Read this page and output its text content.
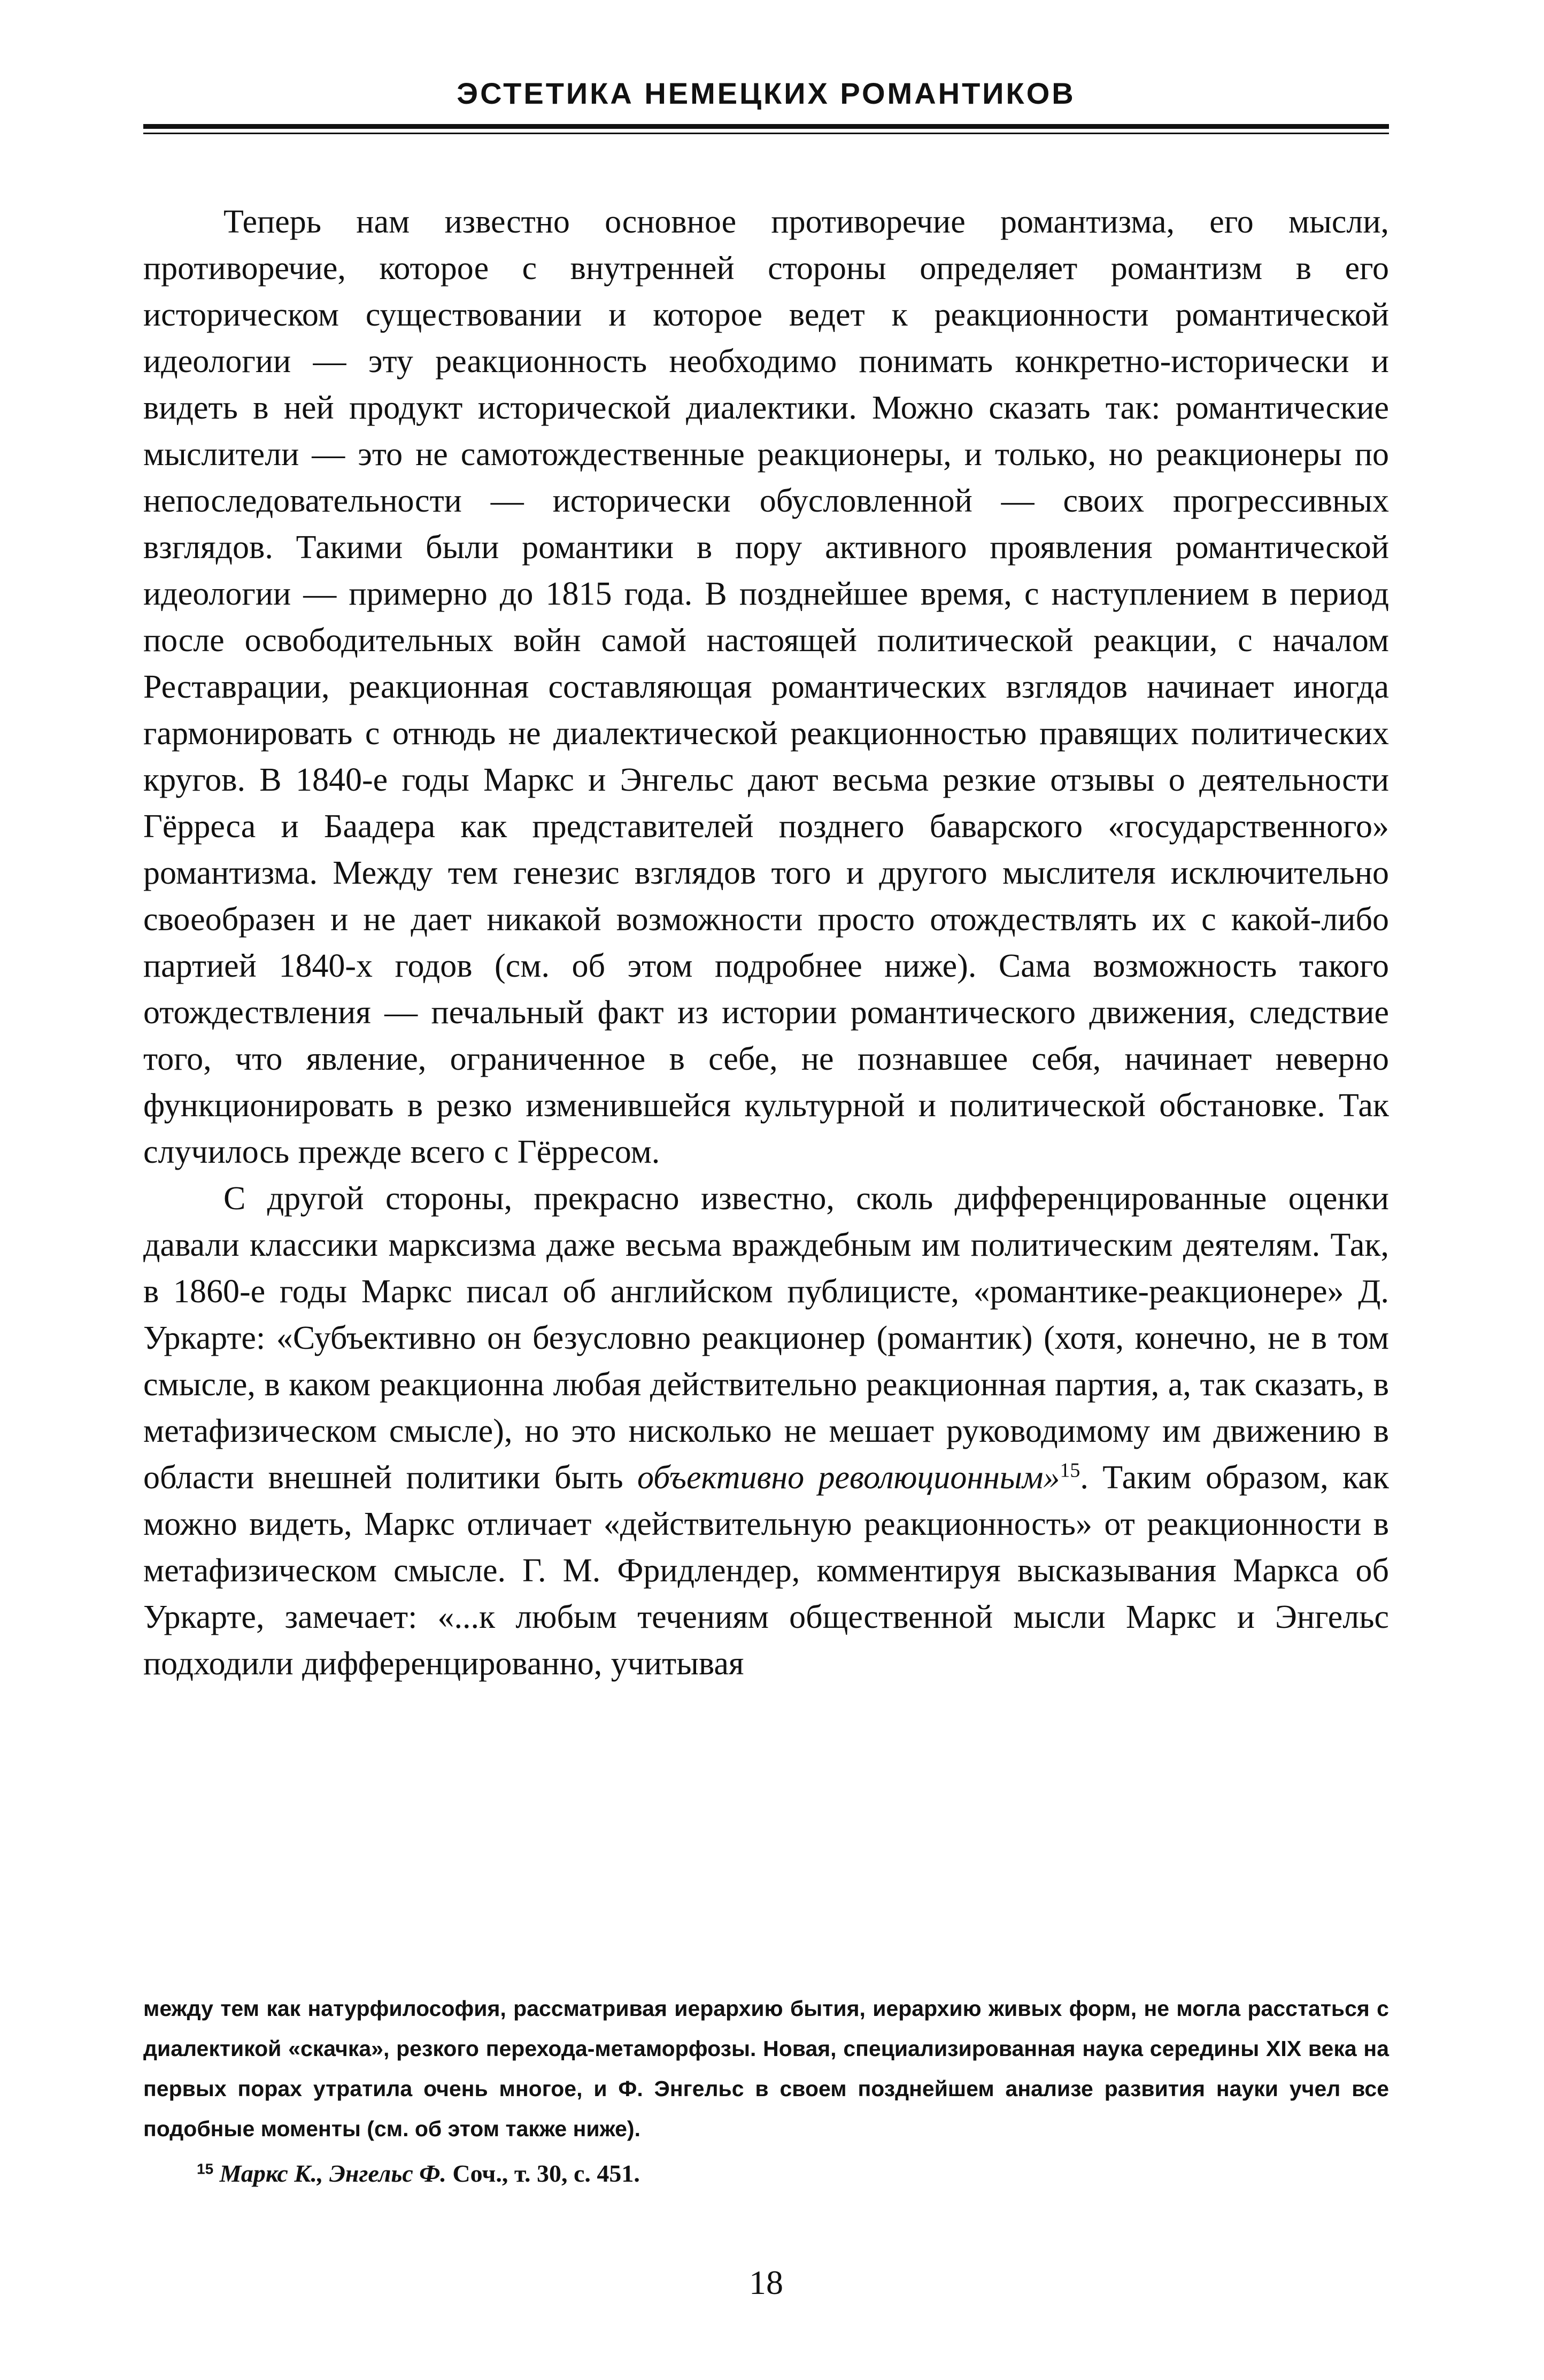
ЭСТЕТИКА НЕМЕЦКИХ РОМАНТИКОВ

Теперь нам известно основное противоречие романтизма, его мысли, противоречие, которое с внутренней стороны определяет романтизм в его историческом существовании и которое ведет к реакционности романтической идеологии — эту реакционность необходимо понимать конкретно-исторически и видеть в ней продукт исторической диалектики. Можно сказать так: романтические мыслители — это не самотождественные реакционеры, и только, но реакционеры по непоследовательности — исторически обусловленной — своих прогрессивных взглядов. Такими были романтики в пору активного проявления романтической идеологии — примерно до 1815 года. В позднейшее время, с наступлением в период после освободительных войн самой настоящей политической реакции, с началом Реставрации, реакционная составляющая романтических взглядов начинает иногда гармонировать с отнюдь не диалектической реакционностью правящих политических кругов. В 1840-е годы Маркс и Энгельс дают весьма резкие отзывы о деятельности Гёрреса и Баадера как представителей позднего баварского «государственного» романтизма. Между тем генезис взглядов того и другого мыслителя исключительно своеобразен и не дает никакой возможности просто отождествлять их с какой-либо партией 1840-х годов (см. об этом подробнее ниже). Сама возможность такого отождествления — печальный факт из истории романтического движения, следствие того, что явление, ограниченное в себе, не познавшее себя, начинает неверно функционировать в резко изменившейся культурной и политической обстановке. Так случилось прежде всего с Гёрресом.

С другой стороны, прекрасно известно, сколь дифференцированные оценки давали классики марксизма даже весьма враждебным им политическим деятелям. Так, в 1860-е годы Маркс писал об английском публицисте, «романтике-реакционере» Д. Уркарте: «Субъективно он безусловно реакционер (романтик) (хотя, конечно, не в том смысле, в каком реакционна любая действительно реакционная партия, а, так сказать, в метафизическом смысле), но это нисколько не мешает руководимому им движению в области внешней политики быть объективно революционным»$^{15}$. Таким образом, как можно видеть, Маркс отличает «действительную реакционность» от реакционности в метафизическом смысле. Г. М. Фридлендер, комментируя высказывания Маркса об Уркарте, замечает: «...к любым течениям общественной мысли Маркс и Энгельс подходили дифференцированно, учитывая

между тем как натурфилософия, рассматривая иерархию бытия, иерархию живых форм, не могла расстаться с диалектикой «скачка», резкого перехода-метаморфозы. Новая, специализированная наука середины XIX века на первых порах утратила очень многое, и Ф. Энгельс в своем позднейшем анализе развития науки учел все подобные моменты (см. об этом также ниже).

$^{15}$ Маркс К., Энгельс Ф. Соч., т. 30, с. 451.

18
